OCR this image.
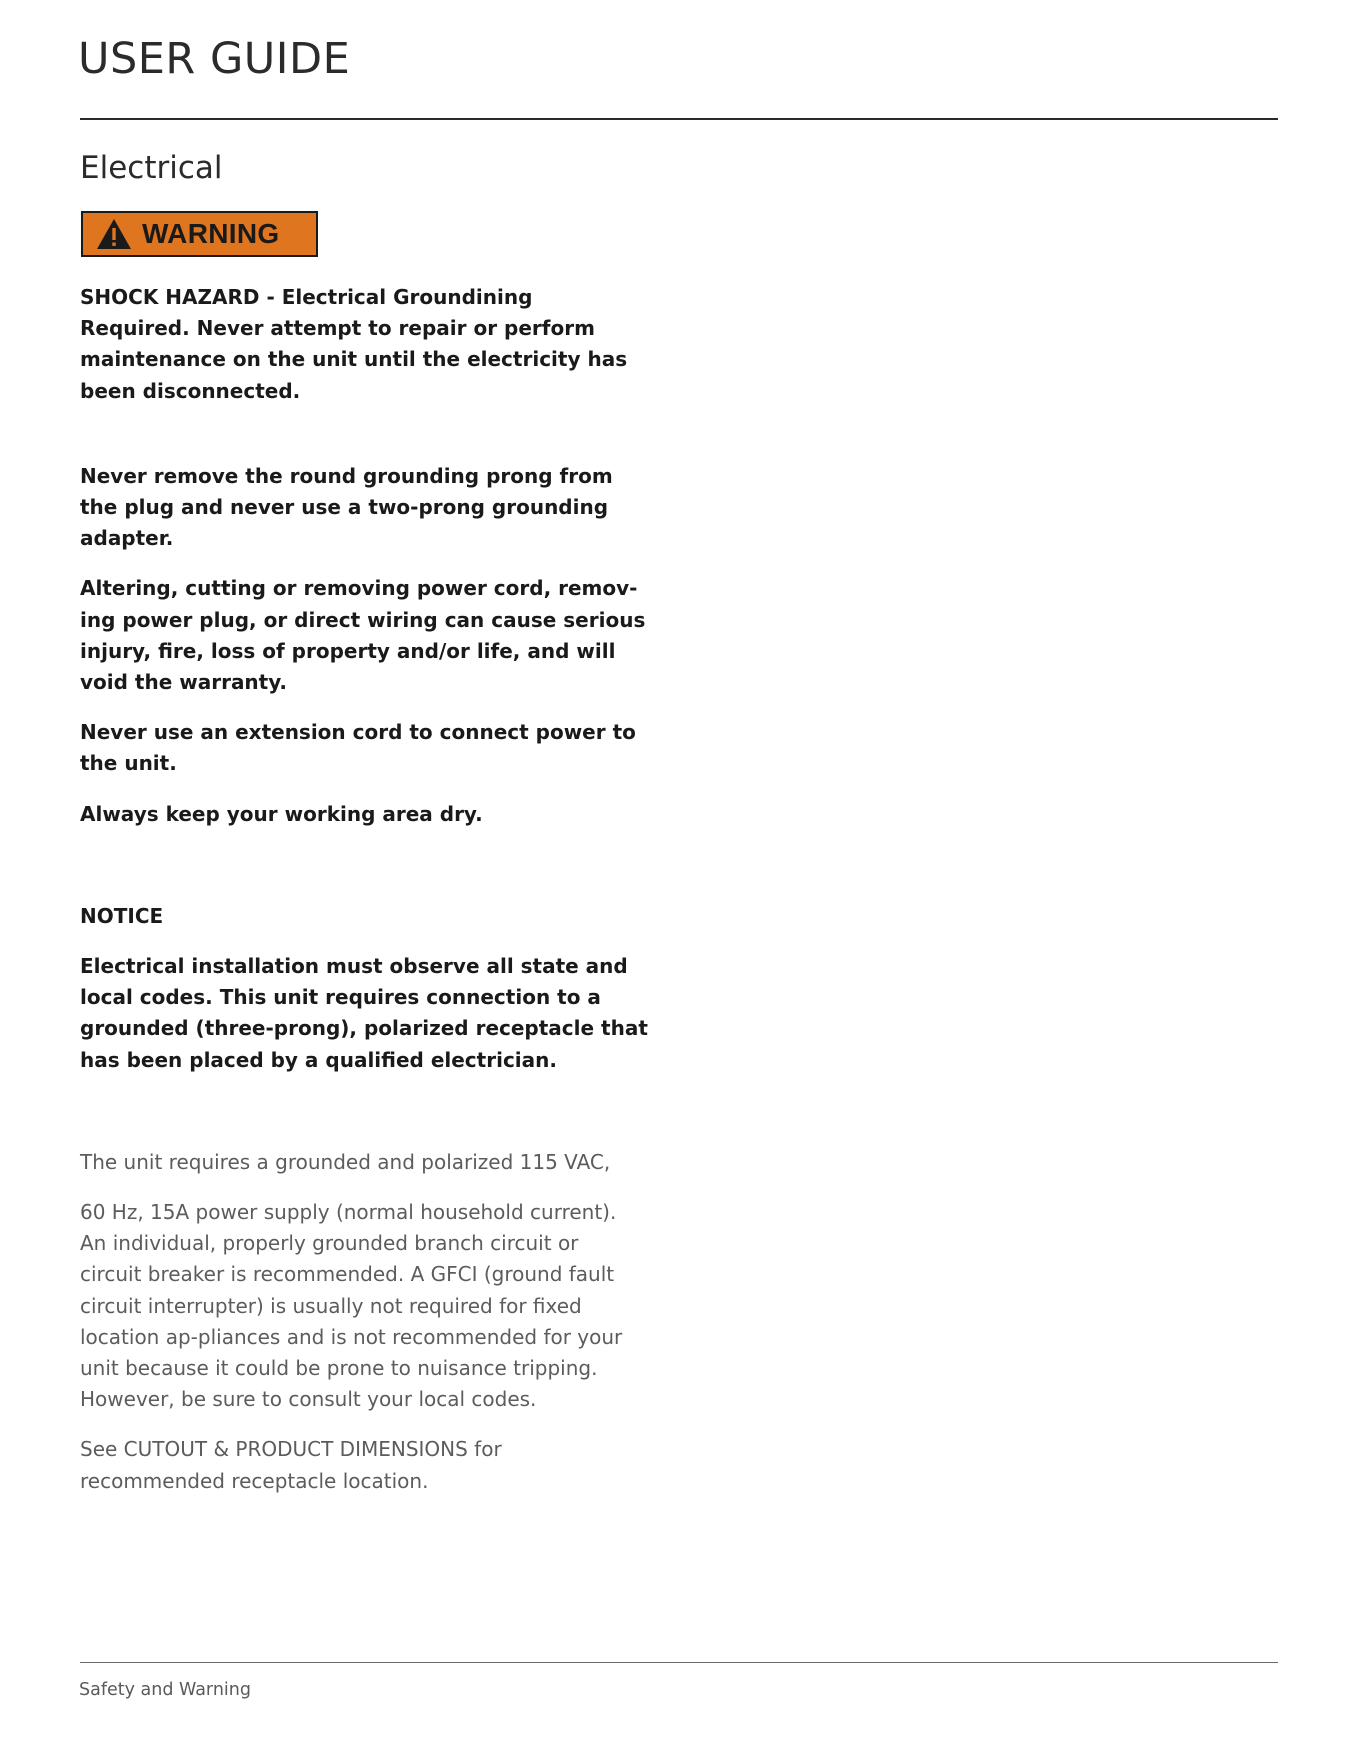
USER GUIDE
Electrical
WARNING

SHOCK HAZARD - Electrical Groundining Required. Never attempt to repair or perform maintenance on the unit until the electricity has been disconnected.

Never remove the round grounding prong from the plug and never use a two-prong grounding adapter.

Altering, cutting or removing power cord, remov-ing power plug, or direct wiring can cause serious injury, fire, loss of property and/or life, and will void the warranty.

Never use an extension cord to connect power to the unit.

Always keep your working area dry.

NOTICE

Electrical installation must observe all state and local codes. This unit requires connection to a grounded (three-prong), polarized receptacle that has been placed by a qualified electrician.

The unit requires a grounded and polarized 115 VAC,

60 Hz, 15A power supply (normal household current). An individual, properly grounded branch circuit or circuit breaker is recommended. A GFCI (ground fault circuit interrupter) is usually not required for fixed location ap-pliances and is not recommended for your unit because it could be prone to nuisance tripping. However, be sure to consult your local codes.

See CUTOUT & PRODUCT DIMENSIONS for recommended receptacle location.

Safety and Warning
